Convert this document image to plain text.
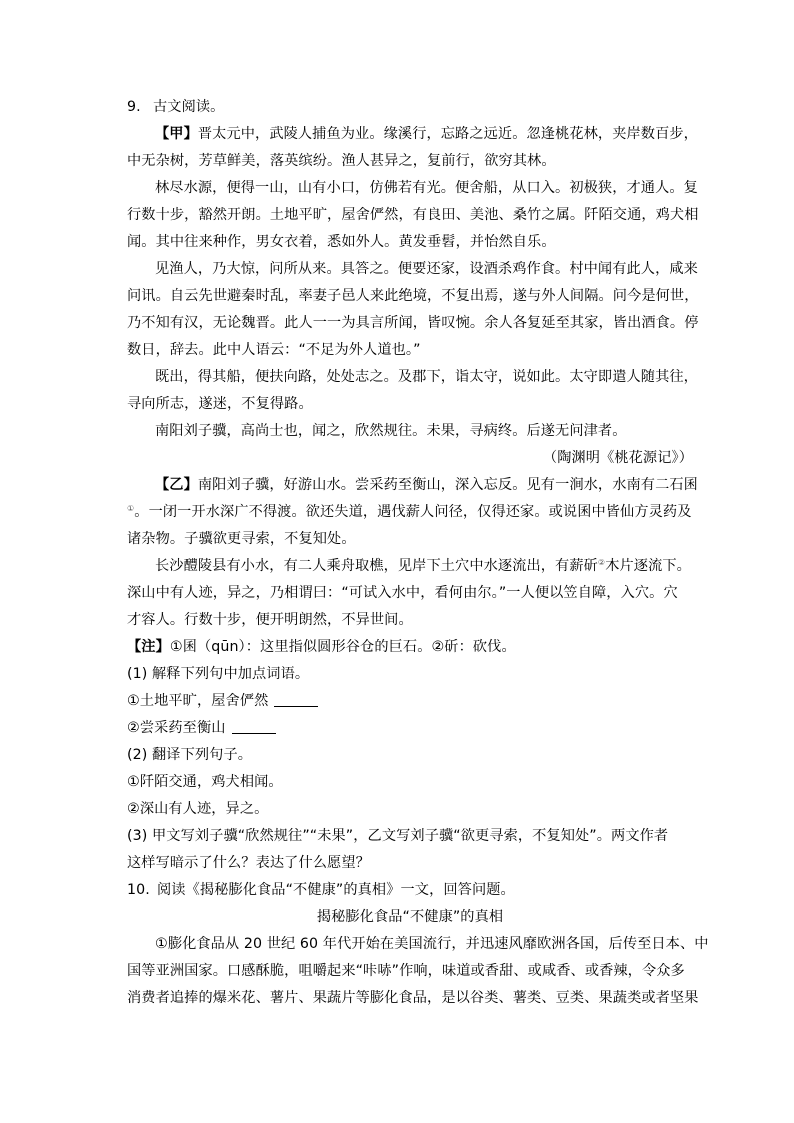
9. 古文阅读。
【甲】晋太元中，武陵人捕鱼为业。缘溪行，忘路之远近。忽逢桃花林，夹岸数百步，
中无杂树，芳草鲜美，落英缤纷。渔人甚异之，复前行，欲穷其林。
林尽水源，便得一山，山有小口，仿佛若有光。便舍船，从口入。初极狭，才通人。复
行数十步，豁然开朗。土地平旷，屋舍俨然，有良田、美池、桑竹之属。阡陌交通，鸡犬相
闻。其中往来种作，男女衣着，悉如外人。黄发垂髫，并怡然自乐。
见渔人，乃大惊，问所从来。具答之。便要还家，设酒杀鸡作食。村中闻有此人，咸来
问讯。自云先世避秦时乱，率妻子邑人来此绝境，不复出焉，遂与外人间隔。问今是何世，
乃不知有汉，无论魏晋。此人一一为具言所闻，皆叹惋。余人各复延至其家，皆出酒食。停
数日，辞去。此中人语云：“不足为外人道也。”
既出，得其船，便扶向路，处处志之。及郡下，诣太守，说如此。太守即遣人随其往，
寻向所志，遂迷，不复得路。
南阳刘子骥，高尚士也，闻之，欣然规往。未果，寻病终。后遂无问津者。
（陶渊明《桃花源记》）
【乙】南阳刘子骥，好游山水。尝采药至衡山，深入忘反。见有一涧水，水南有二石囷
①。一闭一开水深广不得渡。欲还失道，遇伐薪人问径，仅得还家。或说囷中皆仙方灵药及
诸杂物。子骥欲更寻索，不复知处。
长沙醴陵县有小水，有二人乘舟取樵，见岸下土穴中水逐流出，有薪斫②木片逐流下。
深山中有人迹，异之，乃相谓曰：“可试入水中，看何由尔。”一人便以笠自障，入穴。穴
才容人。行数十步，便开明朗然，不异世间。
【注】①囷（qūn）：这里指似圆形谷仓的巨石。②斫：砍伐。
(1) 解释下列句中加点词语。
①土地平旷，屋舍俨然
②尝采药至衡山
(2) 翻译下列句子。
①阡陌交通，鸡犬相闻。
②深山有人迹，异之。
(3) 甲文写刘子骥“欣然规往”“未果”，乙文写刘子骥“欲更寻索，不复知处”。两文作者
这样写暗示了什么？表达了什么愿望？
10. 阅读《揭秘膨化食品“不健康”的真相》一文，回答问题。
揭秘膨化食品“不健康”的真相
①膨化食品从 20 世纪 60 年代开始在美国流行，并迅速风靡欧洲各国，后传至日本、中
国等亚洲国家。口感酥脆，咀嚼起来“咔哧”作响，味道或香甜、或咸香、或香辣，令众多
消费者追捧的爆米花、薯片、果蔬片等膨化食品，是以谷类、薯类、豆类、果蔬类或者坚果
